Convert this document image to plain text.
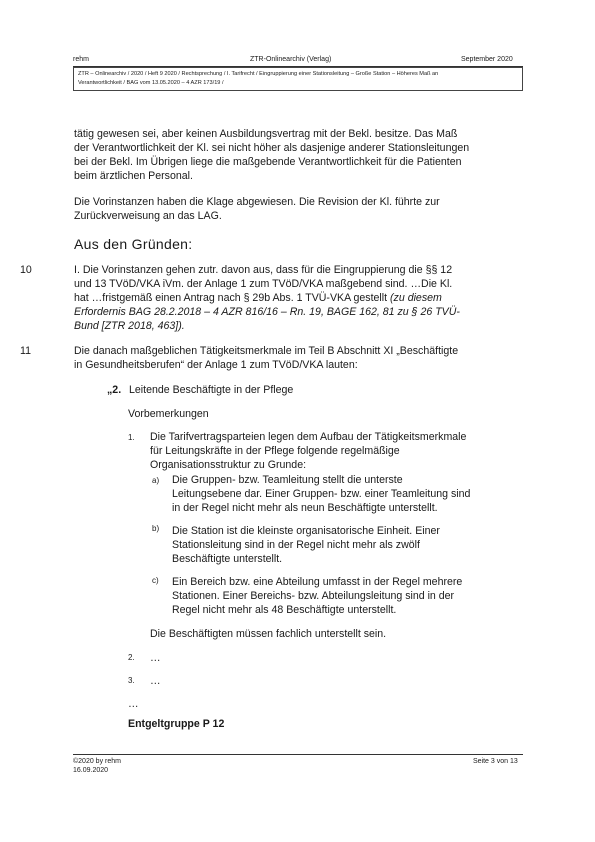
rehm	ZTR-Onlinearchiv (Verlag)	September 2020
ZTR – Onlinearchiv / 2020 / Heft 9 2020 / Rechtsprechung / I. Tarifrecht / Eingruppierung einer Stationsleitung – Große Station – Höheres Maß an
Verantwortlichkeit / BAG vom 13.05.2020 – 4 AZR 173/19 /
tätig gewesen sei, aber keinen Ausbildungsvertrag mit der Bekl. besitze. Das Maß
der Verantwortlichkeit der Kl. sei nicht höher als dasjenige anderer Stationsleitungen
bei der Bekl. Im Übrigen liege die maßgebende Verantwortlichkeit für die Patienten
beim ärztlichen Personal.
Die Vorinstanzen haben die Klage abgewiesen. Die Revision der Kl. führte zur
Zurückverweisung an das LAG.
Aus den Gründen:
10	I. Die Vorinstanzen gehen zutr. davon aus, dass für die Eingruppierung die §§ 12
und 13 TVöD/VKA iVm. der Anlage 1 zum TVöD/VKA maßgebend sind. …Die Kl.
hat …fristgemäß einen Antrag nach § 29b Abs. 1 TVÜ-VKA gestellt (zu diesem
Erfordernis BAG 28.2.2018 – 4 AZR 816/16 – Rn. 19, BAGE 162, 81 zu § 26 TVÜ-
Bund [ZTR 2018, 463]).
11	Die danach maßgeblichen Tätigkeitsmerkmale im Teil B Abschnitt XI „Beschäftigte
in Gesundheitsberufen“ der Anlage 1 zum TVöD/VKA lauten:
„2. Leitende Beschäftigte in der Pflege
Vorbemerkungen
1. Die Tarifvertragsparteien legen dem Aufbau der Tätigkeitsmerkmale
für Leitungskräfte in der Pflege folgende regelmäßige
Organisationsstruktur zu Grunde:
a) Die Gruppen- bzw. Teamleitung stellt die unterste
Leitungsebene dar. Einer Gruppen- bzw. einer Teamleitung sind
in der Regel nicht mehr als neun Beschäftigte unterstellt.
b) Die Station ist die kleinste organisatorische Einheit. Einer
Stationsleitung sind in der Regel nicht mehr als zwölf
Beschäftigte unterstellt.
c) Ein Bereich bzw. eine Abteilung umfasst in der Regel mehrere
Stationen. Einer Bereichs- bzw. Abteilungsleitung sind in der
Regel nicht mehr als 48 Beschäftigte unterstellt.
Die Beschäftigten müssen fachlich unterstellt sein.
2. …
3. …
…
Entgeltgruppe P 12
©2020 by rehm
16.09.2020
Seite 3 von 13
